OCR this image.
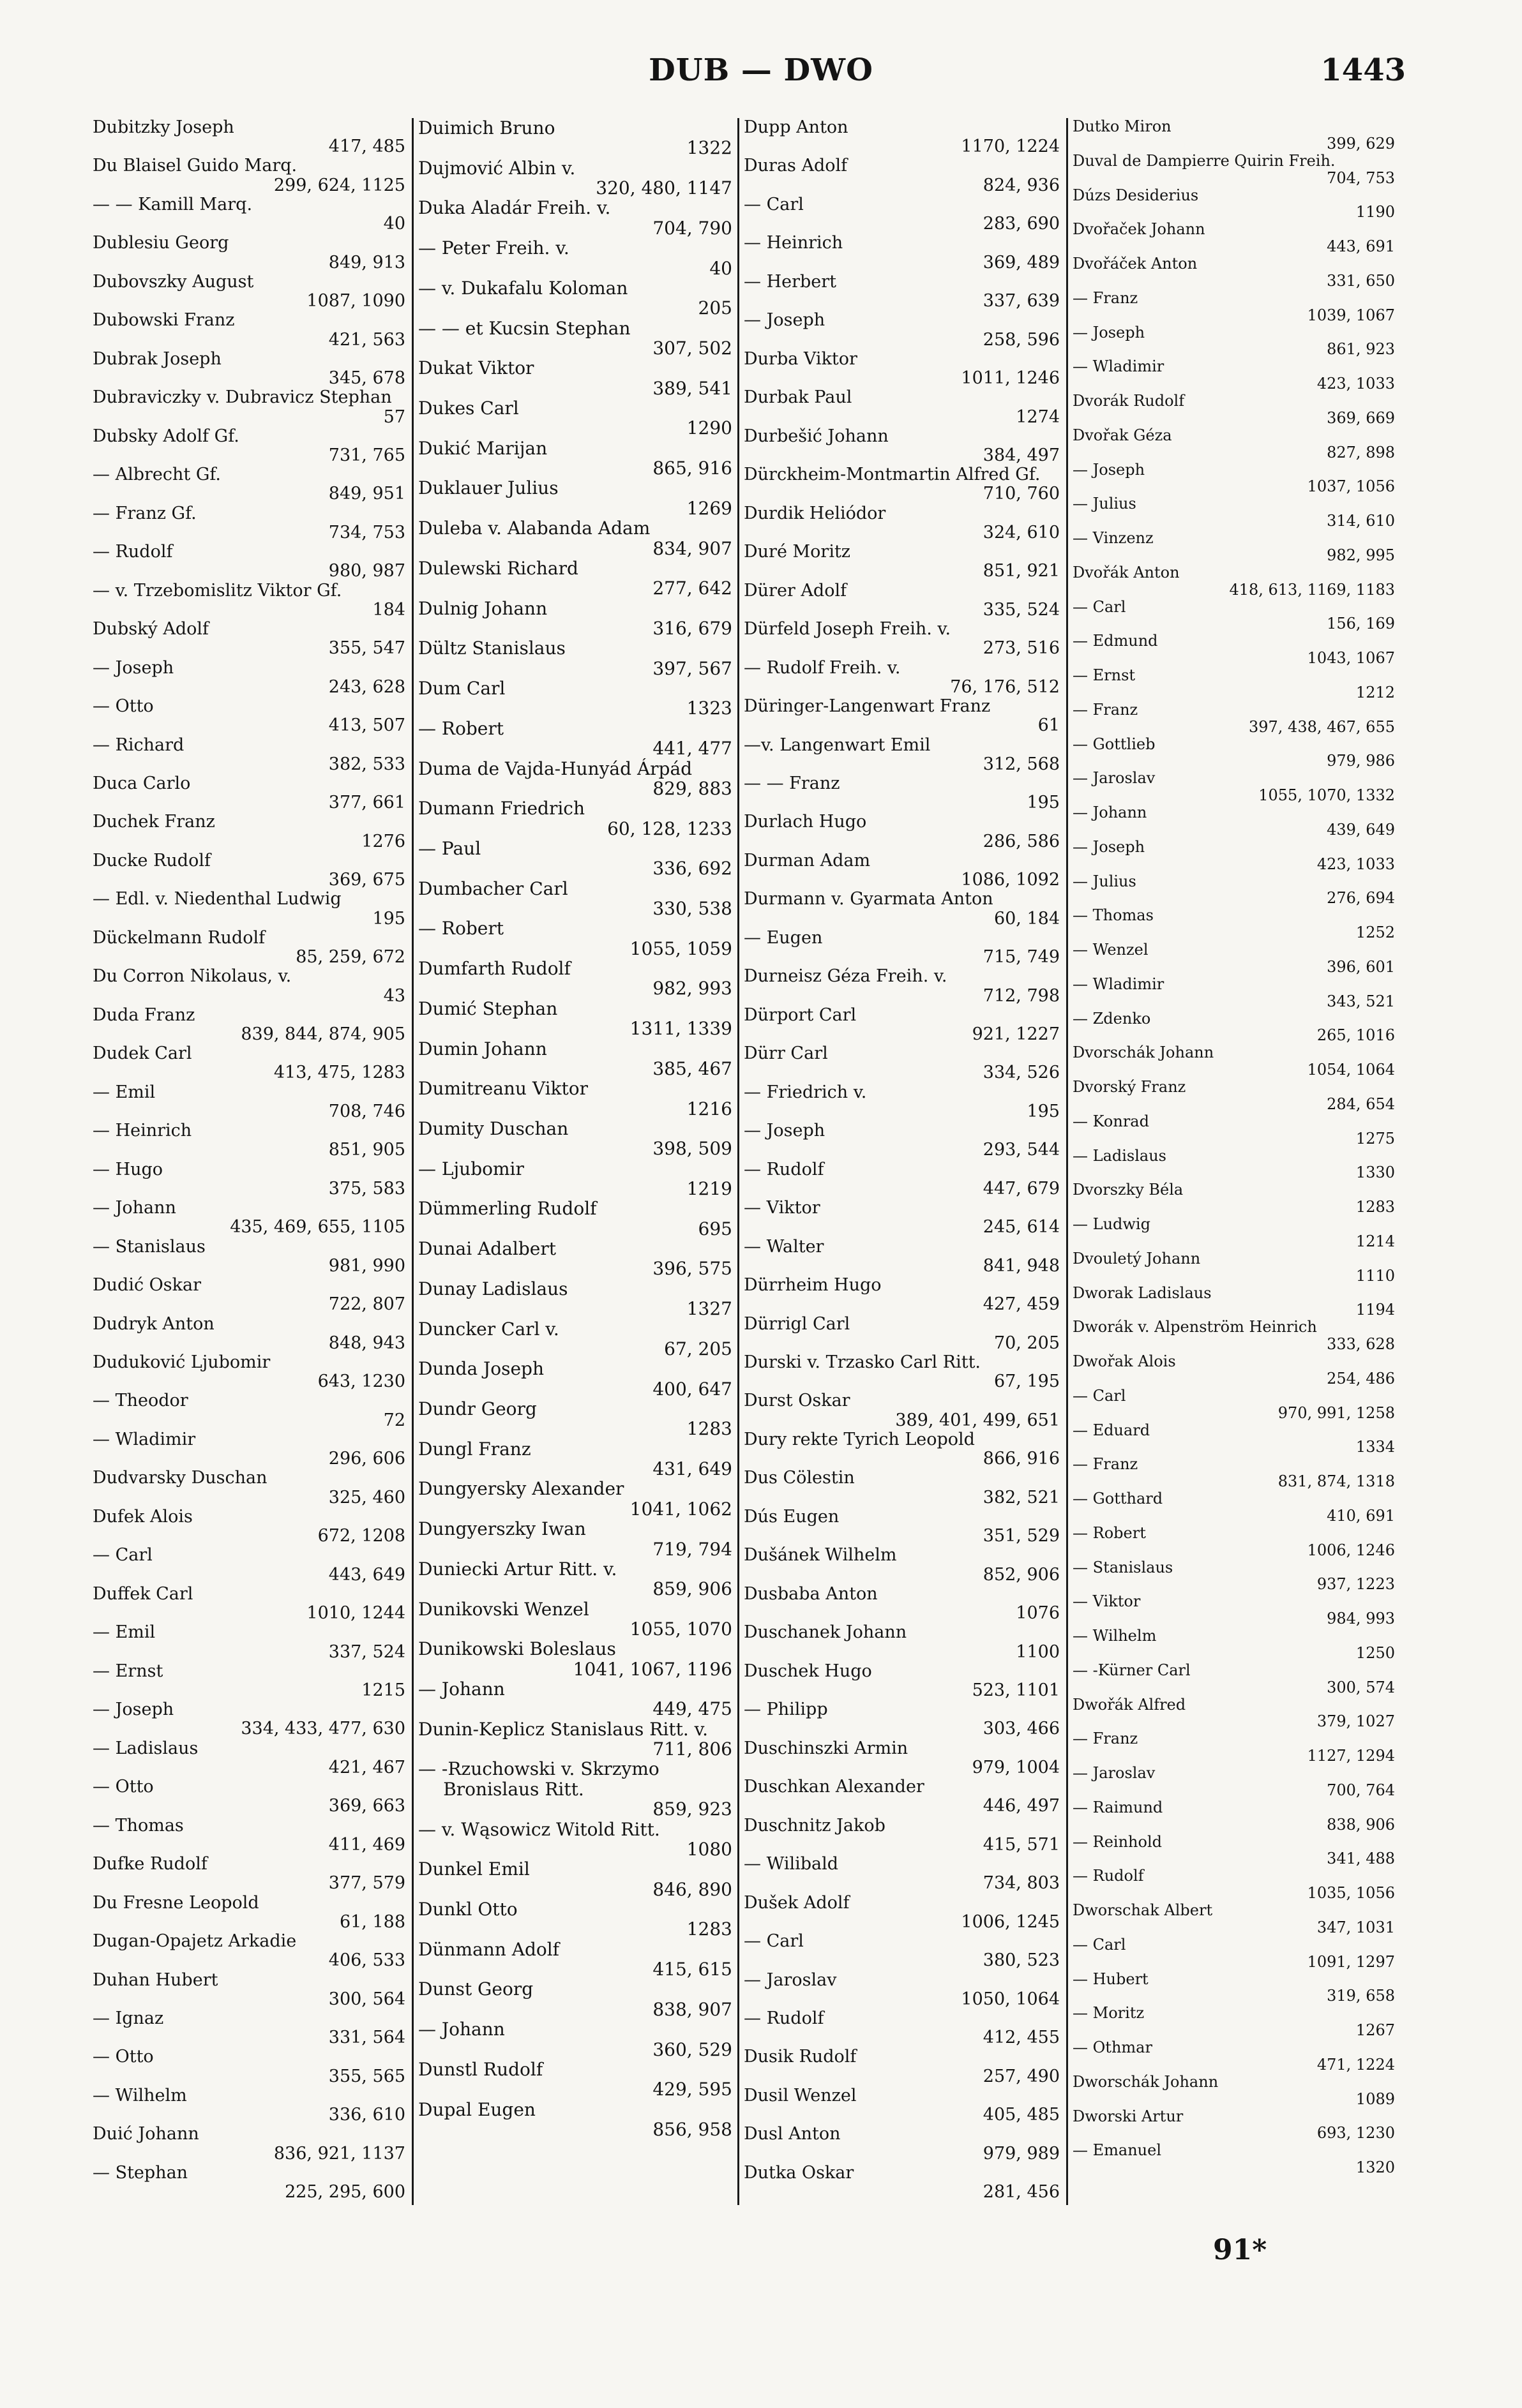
DUB — DWO	1443
Dubitzky Joseph
417, 485
Du Blaisel Guido Marq.
299, 624, 1125
— — Kamill Marq.
40
Dublesiu Georg
849, 913
Dubovszky August
1087, 1090
Dubowski Franz
421, 563
Dubrak Joseph
345, 678
Dubraviczky v. Dubravicz Stephan
57
Dubsky Adolf Gf.
731, 765
— Albrecht Gf.
849, 951
— Franz Gf.
734, 753
— Rudolf
980, 987
— v. Trzebomislitz Viktor Gf.
184
Dubský Adolf
355, 547
— Joseph
243, 628
— Otto
413, 507
— Richard
382, 533
Duca Carlo
377, 661
Duchek Franz
1276
Ducke Rudolf
369, 675
— Edl. v. Niedenthal Ludwig
195
Dückelmann Rudolf
85, 259, 672
Du Corron Nikolaus, v.
43
Duda Franz
839, 844, 874, 905
Dudek Carl
413, 475, 1283
— Emil
708, 746
— Heinrich
851, 905
— Hugo
375, 583
— Johann
435, 469, 655, 1105
— Stanislaus
981, 990
Dudić Oskar
722, 807
Dudryk Anton
848, 943
Duduković Ljubomir
643, 1230
— Theodor
72
— Wladimir
296, 606
Dudvarsky Duschan
325, 460
Dufek Alois
672, 1208
— Carl
443, 649
Duffek Carl
1010, 1244
— Emil
337, 524
— Ernst
1215
— Joseph
334, 433, 477, 630
— Ladislaus
421, 467
— Otto
369, 663
— Thomas
411, 469
Dufke Rudolf
377, 579
Du Fresne Leopold
61, 188
Dugan-Opajetz Arkadie
406, 533
Duhan Hubert
300, 564
— Ignaz
331, 564
— Otto
355, 565
— Wilhelm
336, 610
Duić Johann
836, 921, 1137
— Stephan
225, 295, 600
Duimich Bruno
1322
Dujmović Albin v.
320, 480, 1147
Duka Aladár Freih. v.
704, 790
— Peter Freih. v.
40
— v. Dukafalu Koloman
205
— — et Kucsin Stephan
307, 502
Dukat Viktor
389, 541
Dukes Carl
1290
Dukić Marijan
865, 916
Duklauer Julius
1269
Duleba v. Alabanda Adam
834, 907
Dulewski Richard
277, 642
Dulnig Johann
316, 679
Dültz Stanislaus
397, 567
Dum Carl
1323
— Robert
441, 477
Duma de Vajda-Hunyád Árpád
829, 883
Dumann Friedrich
60, 128, 1233
— Paul
336, 692
Dumbacher Carl
330, 538
— Robert
1055, 1059
Dumfarth Rudolf
982, 993
Dumić Stephan
1311, 1339
Dumin Johann
385, 467
Dumitreanu Viktor
1216
Dumity Duschan
398, 509
— Ljubomir
1219
Dümmerling Rudolf
695
Dunai Adalbert
396, 575
Dunay Ladislaus
1327
Duncker Carl v.
67, 205
Dunda Joseph
400, 647
Dundr Georg
1283
Dungl Franz
431, 649
Dungyersky Alexander
1041, 1062
Dungyerszky Iwan
719, 794
Duniecki Artur Ritt. v.
859, 906
Dunikovski Wenzel
1055, 1070
Dunikowski Boleslaus
1041, 1067, 1196
— Johann
449, 475
Dunin-Keplicz Stanislaus Ritt. v.
711, 806
— -Rzuchowski v. Skrzymo Bronislaus Ritt.
859, 923
— v. Wąsowicz Witold Ritt.
1080
Dunkel Emil
846, 890
Dunkl Otto
1283
Dünmann Adolf
415, 615
Dunst Georg
838, 907
— Johann
360, 529
Dunstl Rudolf
429, 595
Dupal Eugen
856, 958
Dupp Anton
1170, 1224
Duras Adolf
824, 936
— Carl
283, 690
— Heinrich
369, 489
— Herbert
337, 639
— Joseph
258, 596
Durba Viktor
1011, 1246
Durbak Paul
1274
Durbešić Johann
384, 497
Dürckheim-Montmartin Alfred Gf.
710, 760
Durdik Heliódor
324, 610
Duré Moritz
851, 921
Dürer Adolf
335, 524
Dürfeld Joseph Freih. v.
273, 516
— Rudolf Freih. v.
76, 176, 512
Düringer-Langenwart Franz
61
—v. Langenwart Emil
312, 568
— — Franz
195
Durlach Hugo
286, 586
Durman Adam
1086, 1092
Durmann v. Gyarmata Anton
60, 184
— Eugen
715, 749
Durneisz Géza Freih. v.
712, 798
Dürport Carl
921, 1227
Dürr Carl
334, 526
— Friedrich v.
195
— Joseph
293, 544
— Rudolf
447, 679
— Viktor
245, 614
— Walter
841, 948
Dürrheim Hugo
427, 459
Dürrigl Carl
70, 205
Durski v. Trzasko Carl Ritt.
67, 195
Durst Oskar
389, 401, 499, 651
Dury rekte Tyrich Leopold
866, 916
Dus Cölestin
382, 521
Dús Eugen
351, 529
Dušánek Wilhelm
852, 906
Dusbaba Anton
1076
Duschanek Johann
1100
Duschek Hugo
523, 1101
— Philipp
303, 466
Duschinszki Armin
979, 1004
Duschkan Alexander
446, 497
Duschnitz Jakob
415, 571
— Wilibald
734, 803
Dušek Adolf
1006, 1245
— Carl
380, 523
— Jaroslav
1050, 1064
— Rudolf
412, 455
Dusik Rudolf
257, 490
Dusil Wenzel
405, 485
Dusl Anton
979, 989
Dutka Oskar
281, 456
Dutko Miron
399, 629
Duval de Dampierre Quirin Freih.
704, 753
Dúzs Desiderius
1190
Dvořaček Johann
443, 691
Dvořáček Anton
331, 650
— Franz
1039, 1067
— Joseph
861, 923
— Wladimir
423, 1033
Dvorák Rudolf
369, 669
Dvořak Géza
827, 898
— Joseph
1037, 1056
— Julius
314, 610
— Vinzenz
982, 995
Dvořák Anton
418, 613, 1169, 1183
— Carl
156, 169
— Edmund
1043, 1067
— Ernst
1212
— Franz
397, 438, 467, 655
— Gottlieb
979, 986
— Jaroslav
1055, 1070, 1332
— Johann
439, 649
— Joseph
423, 1033
— Julius
276, 694
— Thomas
1252
— Wenzel
396, 601
— Wladimir
343, 521
— Zdenko
265, 1016
Dvorschák Johann
1054, 1064
Dvorský Franz
284, 654
— Konrad
1275
— Ladislaus
1330
Dvorszky Béla
1283
— Ludwig
1214
Dvouletý Johann
1110
Dworak Ladislaus
1194
Dworák v. Alpenström Heinrich
333, 628
Dwořak Alois
254, 486
— Carl
970, 991, 1258
— Eduard
1334
— Franz
831, 874, 1318
— Gotthard
410, 691
— Robert
1006, 1246
— Stanislaus
937, 1223
— Viktor
984, 993
— Wilhelm
1250
— -Kürner Carl
300, 574
Dwořák Alfred
379, 1027
— Franz
1127, 1294
— Jaroslav
700, 764
— Raimund
838, 906
— Reinhold
341, 488
— Rudolf
1035, 1056
Dworschak Albert
347, 1031
— Carl
1091, 1297
— Hubert
319, 658
— Moritz
1267
— Othmar
471, 1224
Dworschák Johann
1089
Dworski Artur
693, 1230
— Emanuel
1320
91*
